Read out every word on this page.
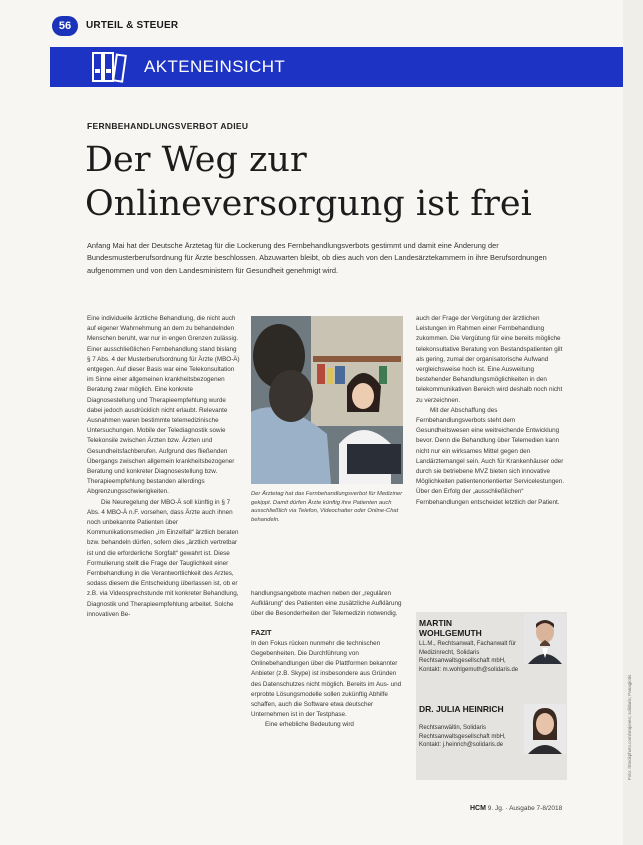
56	URTEIL & STEUER
AKTENEINSICHT
FERNBEHANDLUNGSVERBOT ADIEU
Der Weg zur
Onlineversorgung ist frei

Anfang Mai hat der Deutsche Ärztetag für die Lockerung des Fernbehandlungsverbots gestimmt und damit eine Änderung der Bundesmusterberufsordnung für Ärzte beschlossen. Abzuwarten bleibt, ob dies auch von den Landesärztekammern in ihre Berufsordnungen aufgenommen und von den Landesministern für Gesundheit genehmigt wird.

Eine individuelle ärztliche Behandlung, die nicht auch auf eigener Wahrnehmung an dem zu behandelnden Menschen beruht, war nur in engen Grenzen zulässig. Einer ausschließlichen Fernbehandlung stand bislang § 7 Abs. 4 der Musterberufsordnung für Ärzte (MBO-Ä) entgegen. Auf dieser Basis war eine Telekonsultation im Sinne einer allgemeinen krankheitsbezogenen Beratung zwar möglich. Eine konkrete Diagnosestellung und Therapieempfehlung wurde dabei jedoch ausdrücklich nicht erlaubt. Relevante Ausnahmen waren bestimmte telemedizinische Untersuchungen. Mobile der Telediagnostik sowie Telekonsile zwischen Ärzten bzw. Ärzten und Gesundheitsfachberufen. Aufgrund des fließenden Übergangs zwischen allgemein krankheitsbezogener Beratung und konkreter Diagnosestellung bzw. Therapieempfehlung bestanden allerdings Abgrenzungsschwierigkeiten.

Die Neuregelung der MBO-Ä soll künftig in § 7 Abs. 4 MBO-Ä n.F. vorsehen, dass Ärzte auch ihnen noch unbekannte Patienten über Kommunikationsmedien „im Einzelfall“ ärztlich beraten bzw. behandeln dürfen, sofern dies „ärztlich vertretbar ist und die erforderliche Sorgfalt“ gewahrt ist. Diese Formulierung stellt die Frage der Tauglichkeit einer Fernbehandlung in die Verantwortlichkeit des Arztes, sodass diesem die Entscheidung überlassen ist, ob er z.B. via Videosprechstunde mit konkreter Behandlung, Diagnostik und Therapieempfehlung arbeitet. Solche innovativen Be-

Der Ärztetag hat das Fernbehandlungsverbot für Mediziner gekippt. Damit dürfen Ärzte künftig ihre Patienten auch ausschließlich via Telefon, Videochatter oder Online-Chat behandeln.

handlungsangebote machen neben der „regulären Aufklärung“ des Patienten eine zusätzliche Aufklärung über die Besonderheiten der Telemedizin notwendig.

FAZIT

In den Fokus rücken nunmehr die technischen Gegebenheiten. Die Durchführung von Onlinebehandlungen über die Plattformen bekannter Anbieter (z.B. Skype) ist insbesondere aus Gründen des Datenschutzes nicht möglich. Bereits im Aus- und erprobte Lösungsmodelle sollen zukünftig Abhilfe schaffen, auch die Software etwa deutscher Unternehmen ist in der Testphase.

Eine erhebliche Bedeutung wird

auch der Frage der Vergütung der ärztlichen Leistungen im Rahmen einer Fernbehandlung zukommen. Die Vergütung für eine bereits mögliche telekonsultative Beratung von Bestandspatienten gilt als gering, zumal der organisatorische Aufwand vergleichsweise hoch ist. Eine Ausweitung bestehender Behandlungsmöglichkeiten in den telekommunikativen Bereich wird deshalb noch nicht zu verzeichnen.

Mit der Abschaffung des Fernbehandlungsverbots steht dem Gesundheitswesen eine weitreichende Entwicklung bevor. Denn die Behandlung über Telemedien kann nicht nur ein wirksames Mittel gegen den Landärztemangel sein. Auch für Krankenhäuser oder durch sie betriebene MVZ bieten sich innovative Möglichkeiten patientenorientierter Servicelestungen. Über den Erfolg der „ausschließlichen“ Fernbehandlungen entscheidet letztlich der Patient.

MARTIN
WOHLGEMUTH

LL.M., Rechtsanwalt, Fachanwalt für Medizinrecht, Solidaris Rechtsanwaltsgesellschaft mbH, Kontakt: m.wohlgemuth@solidaris.de

DR. JULIA HEINRICH

Rechtsanwältin, Solidaris Rechtsanwaltsgesellschaft mbH, Kontakt: j.heinrich@solidaris.de

HCM 9. Jg. · Ausgabe 7-8/2018
Foto: iStockphoto.com/vmjones; solidaris; Panagiotis
